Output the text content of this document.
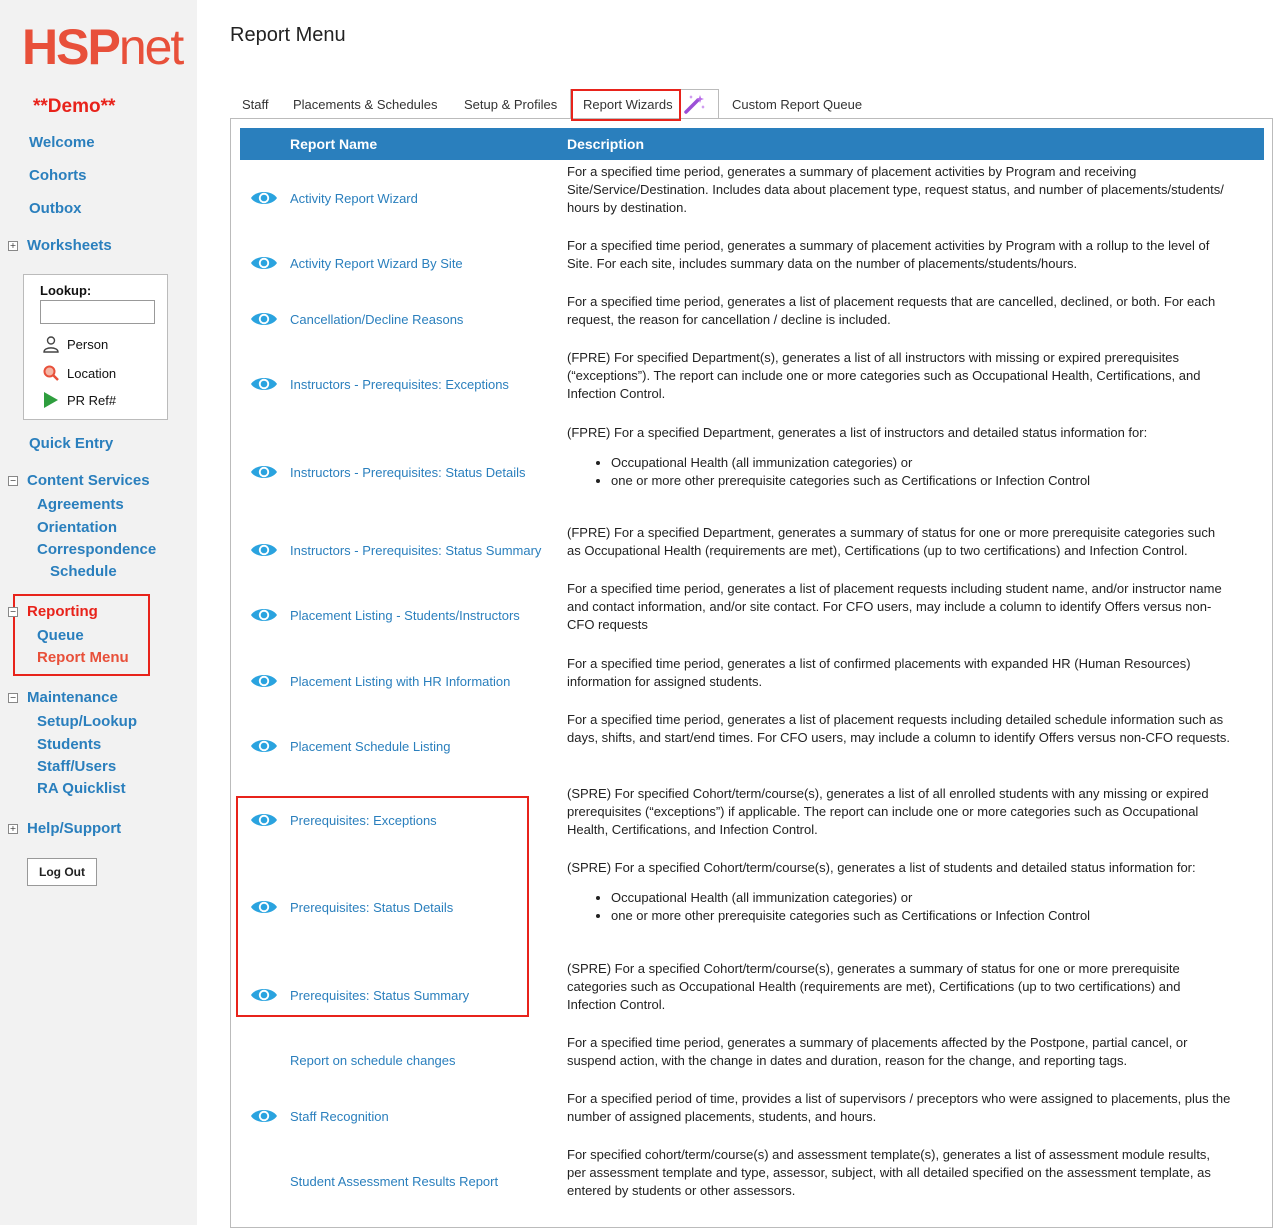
HSPnet
**Demo**
Welcome
Cohorts
Outbox
+ Worksheets
Lookup:
Person
Location
PR Ref#
Quick Entry
− Content Services
Agreements
Orientation
Correspondence
Schedule
− Reporting
Queue
Report Menu
− Maintenance
Setup/Lookup
Students
Staff/Users
RA Quicklist
+ Help/Support
Log Out
Report Menu
Staff Placements & Schedules Setup & Profiles Report Wizards	Custom Report Queue
Report Name	Description
Activity Report Wizard
For a specified time period, generates a summary of placement activities by Program and receiving Site/Service/Destination. Includes data about placement type, request status, and number of placements/students/ hours by destination.
Activity Report Wizard By Site
For a specified time period, generates a summary of placement activities by Program with a rollup to the level of Site. For each site, includes summary data on the number of placements/students/hours.
Cancellation/Decline Reasons
For a specified time period, generates a list of placement requests that are cancelled, declined, or both. For each request, the reason for cancellation / decline is included.
Instructors - Prerequisites: Exceptions
(FPRE) For specified Department(s), generates a list of all instructors with missing or expired prerequisites (“exceptions”). The report can include one or more categories such as Occupational Health, Certifications, and Infection Control.
Instructors - Prerequisites: Status Details
(FPRE) For a specified Department, generates a list of instructors and detailed status information for:
• Occupational Health (all immunization categories) or
• one or more other prerequisite categories such as Certifications or Infection Control
Instructors - Prerequisites: Status Summary
(FPRE) For a specified Department, generates a summary of status for one or more prerequisite categories such as Occupational Health (requirements are met), Certifications (up to two certifications) and Infection Control.
Placement Listing - Students/Instructors
For a specified time period, generates a list of placement requests including student name, and/or instructor name and contact information, and/or site contact. For CFO users, may include a column to identify Offers versus non-CFO requests
Placement Listing with HR Information
For a specified time period, generates a list of confirmed placements with expanded HR (Human Resources) information for assigned students.
Placement Schedule Listing
For a specified time period, generates a list of placement requests including detailed schedule information such as days, shifts, and start/end times. For CFO users, may include a column to identify Offers versus non-CFO requests.
Prerequisites: Exceptions
(SPRE) For specified Cohort/term/course(s), generates a list of all enrolled students with any missing or expired prerequisites (“exceptions”) if applicable. The report can include one or more categories such as Occupational Health, Certifications, and Infection Control.
Prerequisites: Status Details
(SPRE) For a specified Cohort/term/course(s), generates a list of students and detailed status information for:
• Occupational Health (all immunization categories) or
• one or more other prerequisite categories such as Certifications or Infection Control
Prerequisites: Status Summary
(SPRE) For a specified Cohort/term/course(s), generates a summary of status for one or more prerequisite categories such as Occupational Health (requirements are met), Certifications (up to two certifications) and Infection Control.
Report on schedule changes
For a specified time period, generates a summary of placements affected by the Postpone, partial cancel, or suspend action, with the change in dates and duration, reason for the change, and reporting tags.
Staff Recognition
For a specified period of time, provides a list of supervisors / preceptors who were assigned to placements, plus the number of assigned placements, students, and hours.
Student Assessment Results Report
For specified cohort/term/course(s) and assessment template(s), generates a list of assessment module results, per assessment template and type, assessor, subject, with all detailed specified on the assessment template, as entered by students or other assessors.
